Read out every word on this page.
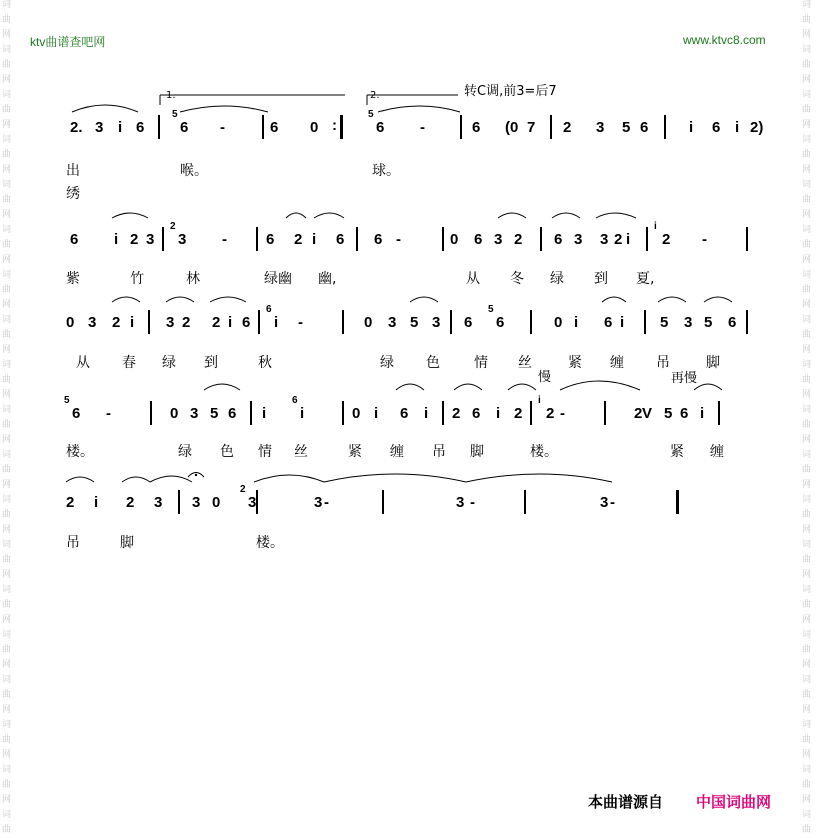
词
曲
网
词
曲
网
词
曲
网
词
曲
网
词
曲
网
词
曲
网
词
曲
网
词
曲
网
词
曲
网
词
曲
网
词
曲
网
词
曲
网
词
曲
网
词
曲
网
词
曲
网
词
曲
网
词
曲
网
词
曲
网
词
曲
词
曲
网
词
曲
网
词
曲
网
词
曲
网
词
曲
网
词
曲
网
词
曲
网
词
曲
网
词
曲
网
词
曲
网
词
曲
网
词
曲
网
词
曲
网
词
曲
网
词
曲
网
词
曲
网
词
曲
网
词
曲
网
词
曲
ktv曲谱查吧网	www.ktvc8.com
1.	2.	转C调,前3=后7
慢	再慢
2. 3 i 6
5
6 -	6 0 :
5
6 -	6 (0 7 2 3 5 6	i 6 i 2)
出	喉。	球。
绣
6 i 2 3
2
3 -	6 2 i 6 6 -	0 6 3 2 6 3 3 2 i
i
2 -
紫	竹	林	绿幽 幽,	从 冬 绿 到 夏,
0 3 2 i 3 2 2 i 6
6
i -	0 3 5 3 6
5
6	0 i 6 i 5 3 5 6
从 春 绿 到	秋	绿 色 情 丝	紧 缠 吊	脚
5
6 -	0 3 5 6 i
6
i	0 i 6 i 2 6 i 2
i
2 -	2 V 5 6 i
楼。	绿 色 情 丝	紧 缠 吊 脚	楼。	紧 缠
2 i 2 3 3 0
2
3	3 -	3 -	3 -
吊	脚	楼。
本曲谱源自 中国词曲网
